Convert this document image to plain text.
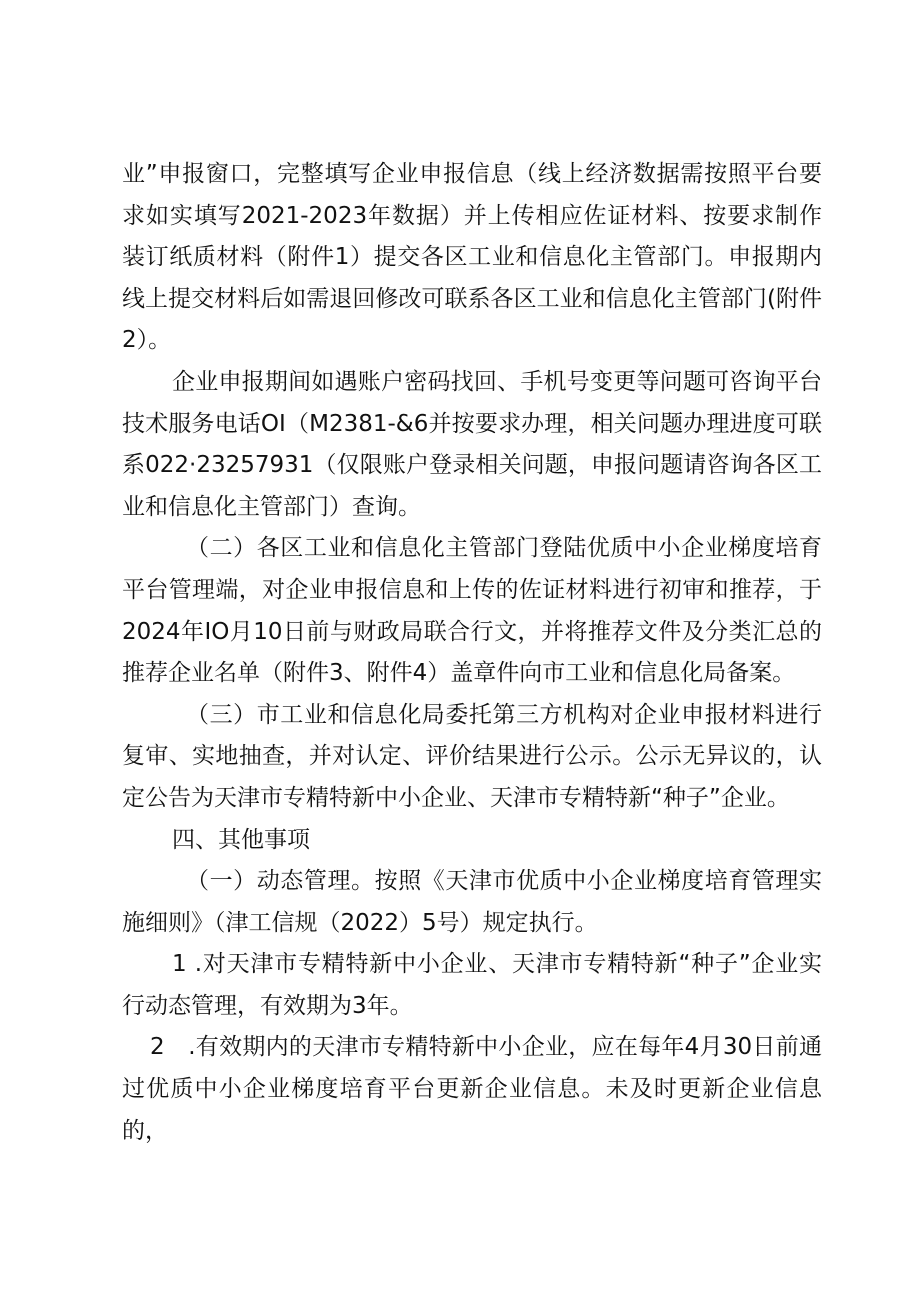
业”申报窗口，完整填写企业申报信息（线上经济数据需按照平台要求如实填写2021-2023年数据）并上传相应佐证材料、按要求制作装订纸质材料（附件1）提交各区工业和信息化主管部门。申报期内线上提交材料后如需退回修改可联系各区工业和信息化主管部门(附件2）。

企业申报期间如遇账户密码找回、手机号变更等问题可咨询平台技术服务电话OI（M2381-&6并按要求办理，相关问题办理进度可联系022·23257931（仅限账户登录相关问题，申报问题请咨询各区工业和信息化主管部门）查询。

（二）各区工业和信息化主管部门登陆优质中小企业梯度培育平台管理端，对企业申报信息和上传的佐证材料进行初审和推荐，于2024年IO月10日前与财政局联合行文，并将推荐文件及分类汇总的推荐企业名单（附件3、附件4）盖章件向市工业和信息化局备案。

（三）市工业和信息化局委托第三方机构对企业申报材料进行复审、实地抽查，并对认定、评价结果进行公示。公示无异议的，认定公告为天津市专精特新中小企业、天津市专精特新“种子”企业。

四、其他事项

（一）动态管理。按照《天津市优质中小企业梯度培育管理实施细则》（津工信规（2022）5号）规定执行。

1 .对天津市专精特新中小企业、天津市专精特新“种子”企业实行动态管理，有效期为3年。

2　.有效期内的天津市专精特新中小企业，应在每年4月30日前通过优质中小企业梯度培育平台更新企业信息。未及时更新企业信息的，
